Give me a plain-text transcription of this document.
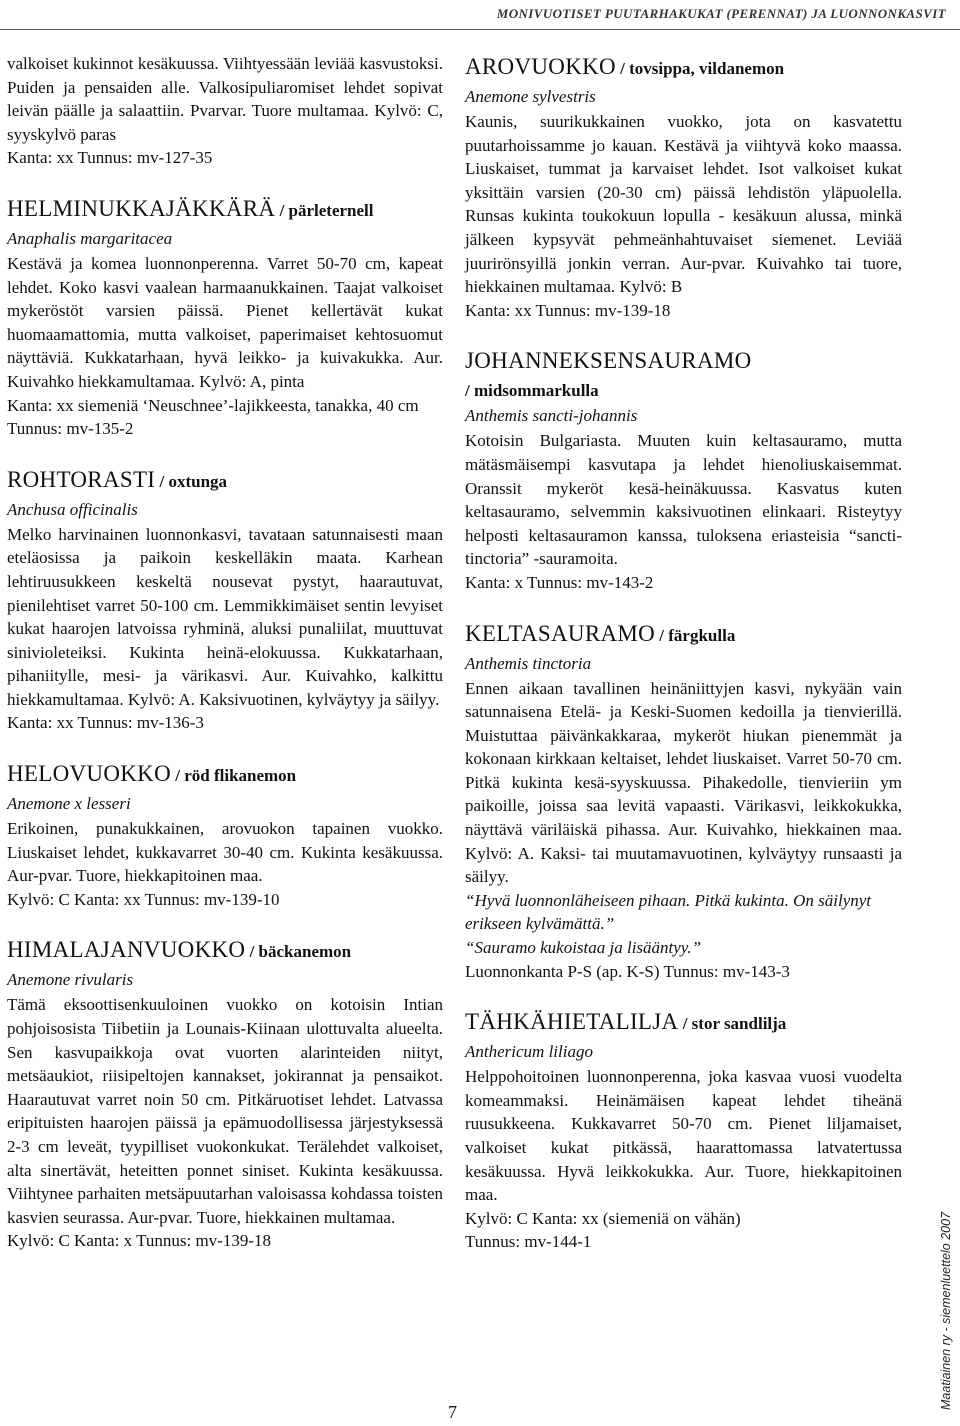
MONIVUOTISET PUUTARHAKUKAT (PERENNAT) JA LUONNONKASVIT

valkoiset kukinnot kesäkuussa. Viihtyessään leviää kasvustoksi. Puiden ja pensaiden alle. Valkosipuliaromiset lehdet sopivat leivän päälle ja salaattiin. Pvarvar. Tuore multamaa. Kylvö: C, syyskylvö paras

Kanta: xx Tunnus: mv-127-35

HELMINUKKAJÄKKÄRÄ / pärleternell

Anaphalis margaritacea

Kestävä ja komea luonnonperenna. Varret 50-70 cm, kapeat lehdet. Koko kasvi vaalean harmaanukkainen. Taajat valkoiset mykeröstöt varsien päissä. Pienet kellertävät kukat huomaamattomia, mutta valkoiset, paperimaiset kehtosuomut näyttäviä. Kukkatarhaan, hyvä leikko- ja kuivakukka. Aur. Kuivahko hiekkamultamaa. Kylvö: A, pinta

Kanta: xx siemeniä ‘Neuschnee’-lajikkeesta, tanakka, 40 cm Tunnus: mv-135-2

ROHTORASTI / oxtunga

Anchusa officinalis

Melko harvinainen luonnonkasvi, tavataan satunnaisesti maan eteläosissa ja paikoin keskelläkin maata. Karhean lehtiruusukkeen keskeltä nousevat pystyt, haarautuvat, pienilehtiset varret 50-100 cm. Lemmikkimäiset sentin levyiset kukat haarojen latvoissa ryhminä, aluksi punaliilat, muuttuvat sinivioleteiksi. Kukinta heinä-elokuussa. Kukkatarhaan, pihaniitylle, mesi- ja värikasvi. Aur. Kuivahko, kalkittu hiekkamultamaa. Kylvö: A. Kaksivuotinen, kylväytyy ja säilyy.

Kanta: xx Tunnus: mv-136-3

HELOVUOKKO / röd flikanemon

Anemone x lesseri

Erikoinen, punakukkainen, arovuokon tapainen vuokko. Liuskaiset lehdet, kukkavarret 30-40 cm. Kukinta kesäkuussa. Aur-pvar. Tuore, hiekkapitoinen maa.

Kylvö: C Kanta: xx Tunnus: mv-139-10

HIMALAJANVUOKKO / bäckanemon

Anemone rivularis

Tämä eksoottisenkuuloinen vuokko on kotoisin Intian pohjoisosista Tiibetiin ja Lounais-Kiinaan ulottuvalta alueelta. Sen kasvupaikkoja ovat vuorten alarinteiden niityt, metsäaukiot, riisipeltojen kannakset, jokirannat ja pensaikot. Haarautuvat varret noin 50 cm. Pitkäruotiset lehdet. Latvassa eripituisten haarojen päissä ja epämuodollisessa järjestyksessä 2-3 cm leveät, tyypilliset vuokonkukat. Terälehdet valkoiset, alta sinertävät, heteitten ponnet siniset. Kukinta kesäkuussa. Viihtynee parhaiten metsäpuutarhan valoisassa kohdassa toisten kasvien seurassa. Aur-pvar. Tuore, hiekkainen multamaa.

Kylvö: C Kanta: x Tunnus: mv-139-18

AROVUOKKO / tovsippa, vildanemon

Anemone sylvestris

Kaunis, suurikukkainen vuokko, jota on kasvatettu puutarhoissamme jo kauan. Kestävä ja viihtyvä koko maassa. Liuskaiset, tummat ja karvaiset lehdet. Isot valkoiset kukat yksittäin varsien (20-30 cm) päissä lehdistön yläpuolella. Runsas kukinta toukokuun lopulla - kesäkuun alussa, minkä jälkeen kypsyvät pehmeänhahtuvaiset siemenet. Leviää juurirönsyillä jonkin verran. Aur-pvar. Kuivahko tai tuore, hiekkainen multamaa. Kylvö: B

Kanta: xx Tunnus: mv-139-18

JOHANNEKSENSAURAMO
/ midsommarkulla

Anthemis sancti-johannis

Kotoisin Bulgariasta. Muuten kuin keltasauramo, mutta mätäsmäisempi kasvutapa ja lehdet hienoliuskaisemmat. Oranssit mykeröt kesä-heinäkuussa. Kasvatus kuten keltasauramo, selvemmin kaksivuotinen elinkaari. Risteytyy helposti keltasauramon kanssa, tuloksena eriasteisia “sancti-tinctoria” -sauramoita.

Kanta: x Tunnus: mv-143-2

KELTASAURAMO / färgkulla

Anthemis tinctoria

Ennen aikaan tavallinen heinäniittyjen kasvi, nykyään vain satunnaisena Etelä- ja Keski-Suomen kedoilla ja tienvierillä. Muistuttaa päivänkakkaraa, mykeröt hiukan pienemmät ja kokonaan kirkkaan keltaiset, lehdet liuskaiset. Varret 50-70 cm. Pitkä kukinta kesä-syyskuussa. Pihakedolle, tienvieriin ym paikoille, joissa saa levitä vapaasti. Värikasvi, leikkokukka, näyttävä väriläiskä pihassa. Aur. Kuivahko, hiekkainen maa. Kylvö: A. Kaksi- tai muutamavuotinen, kylväytyy runsaasti ja säilyy.

“Hyvä luonnonläheiseen pihaan. Pitkä kukinta. On säilynyt erikseen kylvämättä.”

“Sauramo kukoistaa ja lisääntyy.”

Luonnonkanta P-S (ap. K-S) Tunnus: mv-143-3

TÄHKÄHIETALILJA / stor sandlilja

Anthericum liliago

Helppohoitoinen luonnonperenna, joka kasvaa vuosi vuodelta komeammaksi. Heinämäisen kapeat lehdet tiheänä ruusukkeena. Kukkavarret 50-70 cm. Pienet liljamaiset, valkoiset kukat pitkässä, haarattomassa latvatertussa kesäkuussa. Hyvä leikkokukka. Aur. Tuore, hiekkapitoinen maa.

Kylvö: C Kanta: xx (siemeniä on vähän)

Tunnus: mv-144-1	Maatiainen ry - siemenluettelo 2007
7
